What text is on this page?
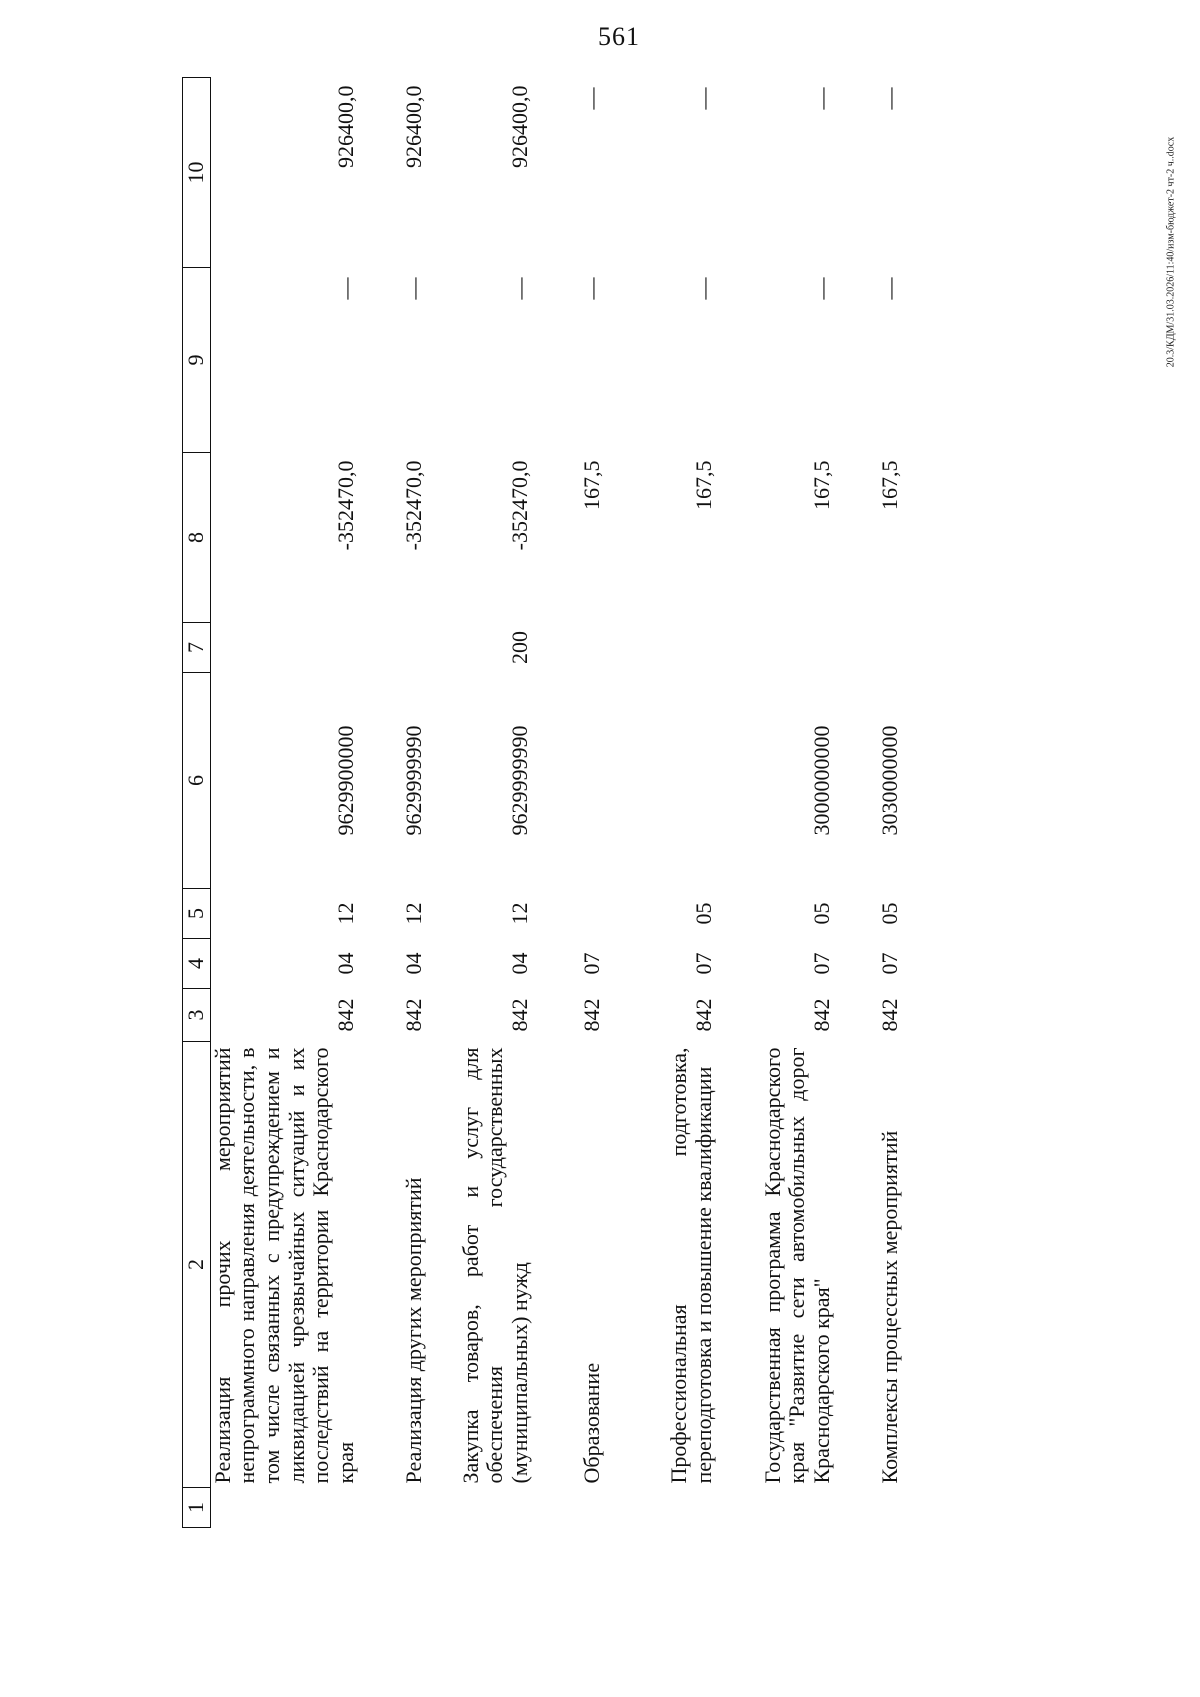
561
20.3/КДМ/31.03.2026/11:40/изм-бюджет-2 чт-2 ч..docx
1	2	3	4	5	6	7	8	9	10
	Реализация прочих мероприятий непрограммного направления деятельности, в том числе связанных с предупреждением и ликвидацией чрезвычайных ситуаций и их последствий на территории Краснодарского края	842	04	12	9629900000		-352470,0	—	926400,0
	Реализация других мероприятий	842	04	12	9629999990		-352470,0	—	926400,0
	Закупка товаров, работ и услуг для обеспечения государственных (муниципальных) нужд	842	04	12	9629999990	200	-352470,0	—	926400,0
	Образование	842	07				167,5	—	—
	Профессиональная подготовка, переподготовка и повышение квалификации	842	07	05			167,5	—	—
	Государственная программа Краснодарского края "Развитие сети автомобильных дорог Краснодарского края"	842	07	05	3000000000		167,5	—	—
	Комплексы процессных мероприятий	842	07	05	3030000000		167,5	—	—
